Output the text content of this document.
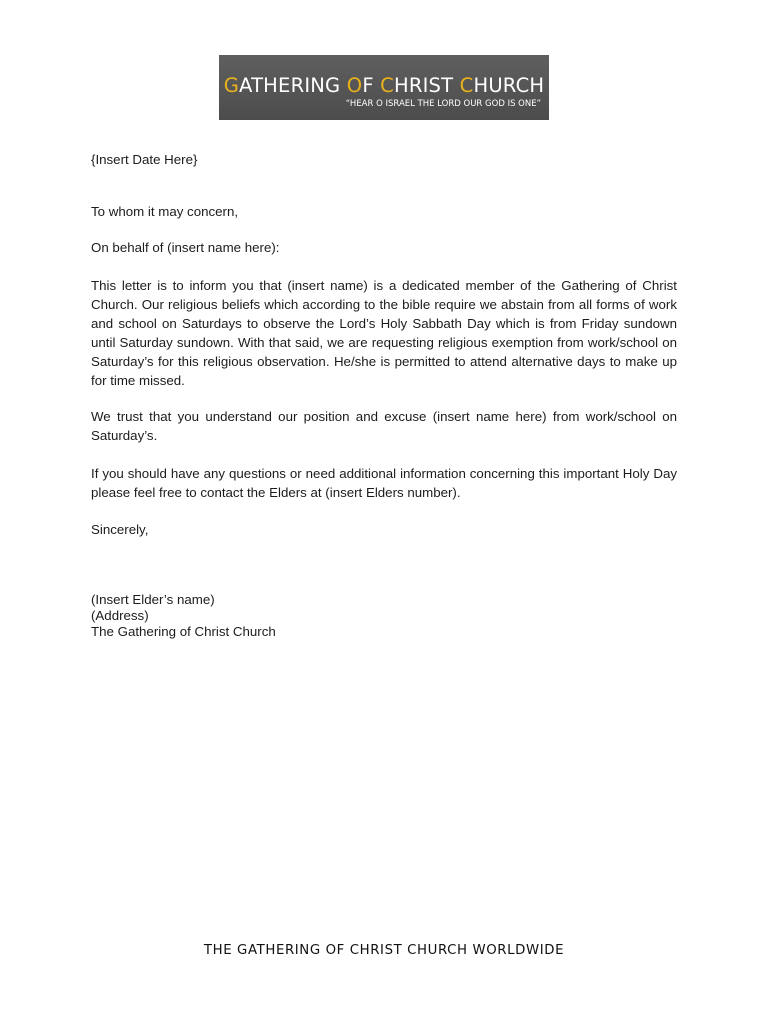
GATHERING OF CHRIST CHURCH
“HEAR O ISRAEL THE LORD OUR GOD IS ONE”
{Insert Date Here}
To whom it may concern,
On behalf of (insert name here):
This letter is to inform you that (insert name) is a dedicated member of the Gathering of Christ Church. Our religious beliefs which according to the bible require we abstain from all forms of work and school on Saturdays to observe the Lord’s Holy Sabbath Day which is from Friday sundown until Saturday sundown. With that said, we are requesting religious exemption from work/school on Saturday’s for this religious observation. He/she is permitted to attend alternative days to make up for time missed.
We trust that you understand our position and excuse (insert name here) from work/school on Saturday’s.
If you should have any questions or need additional information concerning this important Holy Day please feel free to contact the Elders at (insert Elders number).
Sincerely,
(Insert Elder’s name)
(Address)
The Gathering of Christ Church
THE GATHERING OF CHRIST CHURCH WORLDWIDE
